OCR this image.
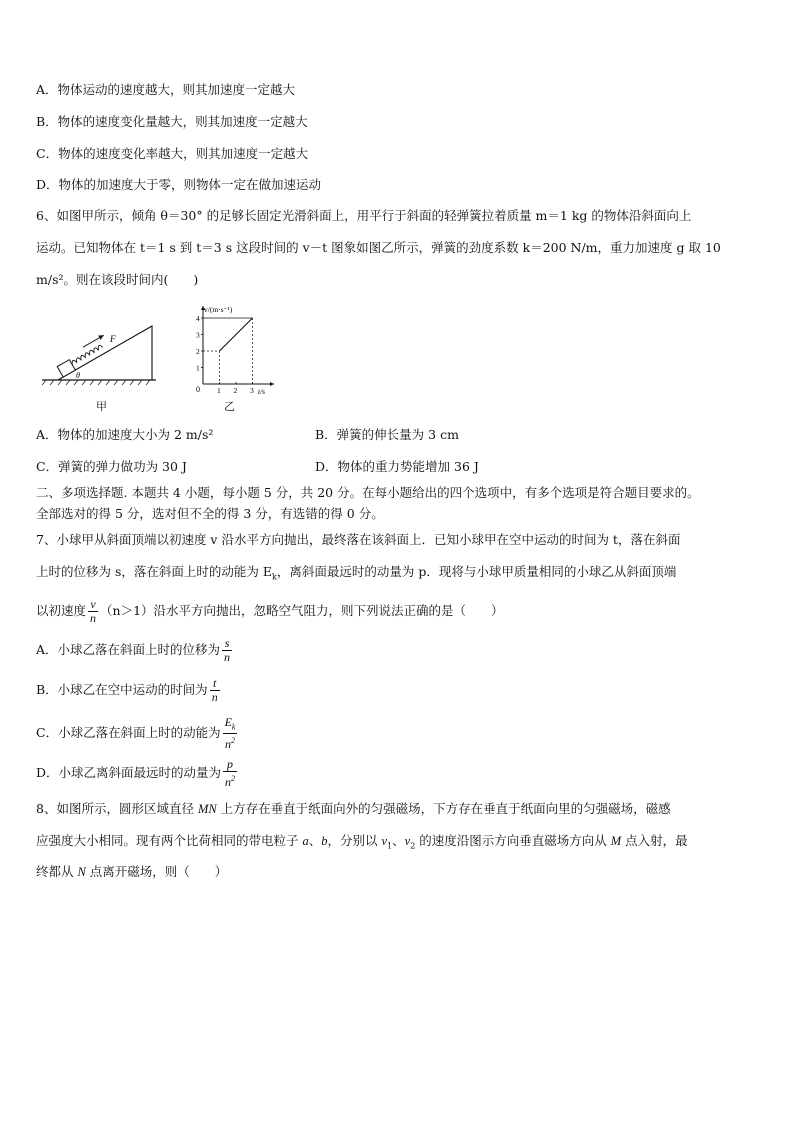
A．物体运动的速度越大，则其加速度一定越大
B．物体的速度变化量越大，则其加速度一定越大
C．物体的速度变化率越大，则其加速度一定越大
D．物体的加速度大于零，则物体一定在做加速运动
6、如图甲所示，倾角 θ＝30° 的足够长固定光滑斜面上，用平行于斜面的轻弹簧拉着质量 m＝1 kg 的物体沿斜面向上
运动。已知物体在 t＝1 s 到 t＝3 s 这段时间的 v－t 图象如图乙所示，弹簧的劲度系数 k＝200 N/m，重力加速度 g 取 10
m/s²。则在该段时间内(　　)
F
θ
甲
v/(m·s⁻¹)
t/s
0
1
2
3
4
1 2 3
乙
A．物体的加速度大小为 2 m/s²	B．弹簧的伸长量为 3 cm
C．弹簧的弹力做功为 30 J	D．物体的重力势能增加 36 J
二、多项选择题. 本题共 4 小题，每小题 5 分，共 20 分。在每小题给出的四个选项中，有多个选项是符合题目要求的。
全部选对的得 5 分，选对但不全的得 3 分，有选错的得 0 分。
7、小球甲从斜面顶端以初速度 v 沿水平方向抛出，最终落在该斜面上．已知小球甲在空中运动的时间为 t，落在斜面
上时的位移为 s，落在斜面上时的动能为 $E_k$，离斜面最远时的动量为 p．现将与小球甲质量相同的小球乙从斜面顶端
以初速度 $\frac{v}{n} (n>1)$沿水平方向抛出，忽略空气阻力，则下列说法正确的是（　　）
A．小球乙落在斜面上时的位移为 $\frac{s}{n}$
B．小球乙在空中运动的时间为 $\frac{t}{n}$
C．小球乙落在斜面上时的动能为 $\frac{E_k}{n^2}$
D．小球乙离斜面最远时的动量为 $\frac{p}{n^2}$
8、如图所示，圆形区域直径 MN 上方存在垂直于纸面向外的匀强磁场，下方存在垂直于纸面向里的匀强磁场，磁感
应强度大小相同。现有两个比荷相同的带电粒子 a、b，分别以 $v_1$、$v_2$ 的速度沿图示方向垂直磁场方向从 M 点入射，最
终都从 N 点离开磁场，则（　　）
